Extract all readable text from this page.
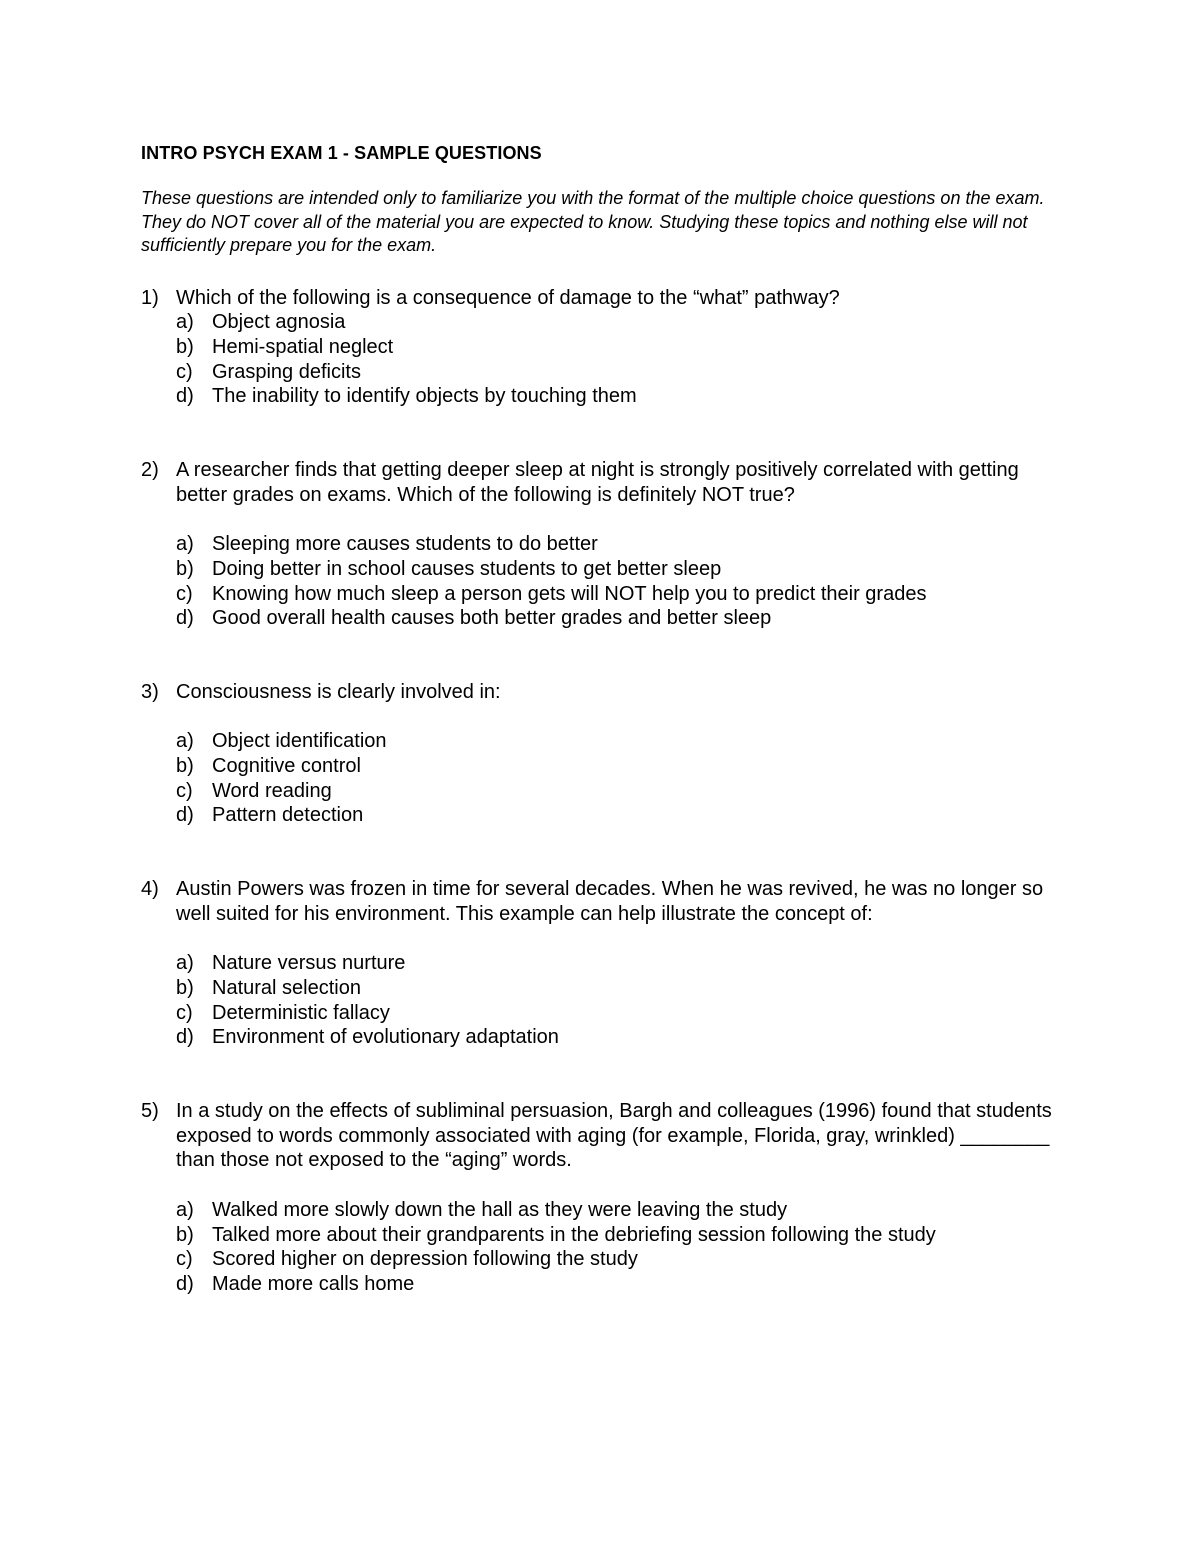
INTRO PSYCH EXAM 1 - SAMPLE QUESTIONS

These questions are intended only to familiarize you with the format of the multiple choice questions on the exam. They do NOT cover all of the material you are expected to know. Studying these topics and nothing else will not sufficiently prepare you for the exam.

1) Which of the following is a consequence of damage to the “what” pathway?
a) Object agnosia
b) Hemi-spatial neglect
c) Grasping deficits
d) The inability to identify objects by touching them
2) A researcher finds that getting deeper sleep at night is strongly positively correlated with getting better grades on exams. Which of the following is definitely NOT true?
a) Sleeping more causes students to do better
b) Doing better in school causes students to get better sleep
c) Knowing how much sleep a person gets will NOT help you to predict their grades
d) Good overall health causes both better grades and better sleep
3) Consciousness is clearly involved in:
a) Object identification
b) Cognitive control
c) Word reading
d) Pattern detection
4) Austin Powers was frozen in time for several decades. When he was revived, he was no longer so well suited for his environment. This example can help illustrate the concept of:
a) Nature versus nurture
b) Natural selection
c) Deterministic fallacy
d) Environment of evolutionary adaptation
5) In a study on the effects of subliminal persuasion, Bargh and colleagues (1996) found that students exposed to words commonly associated with aging (for example, Florida, gray, wrinkled) ________ than those not exposed to the “aging” words.
a) Walked more slowly down the hall as they were leaving the study
b) Talked more about their grandparents in the debriefing session following the study
c) Scored higher on depression following the study
d) Made more calls home
